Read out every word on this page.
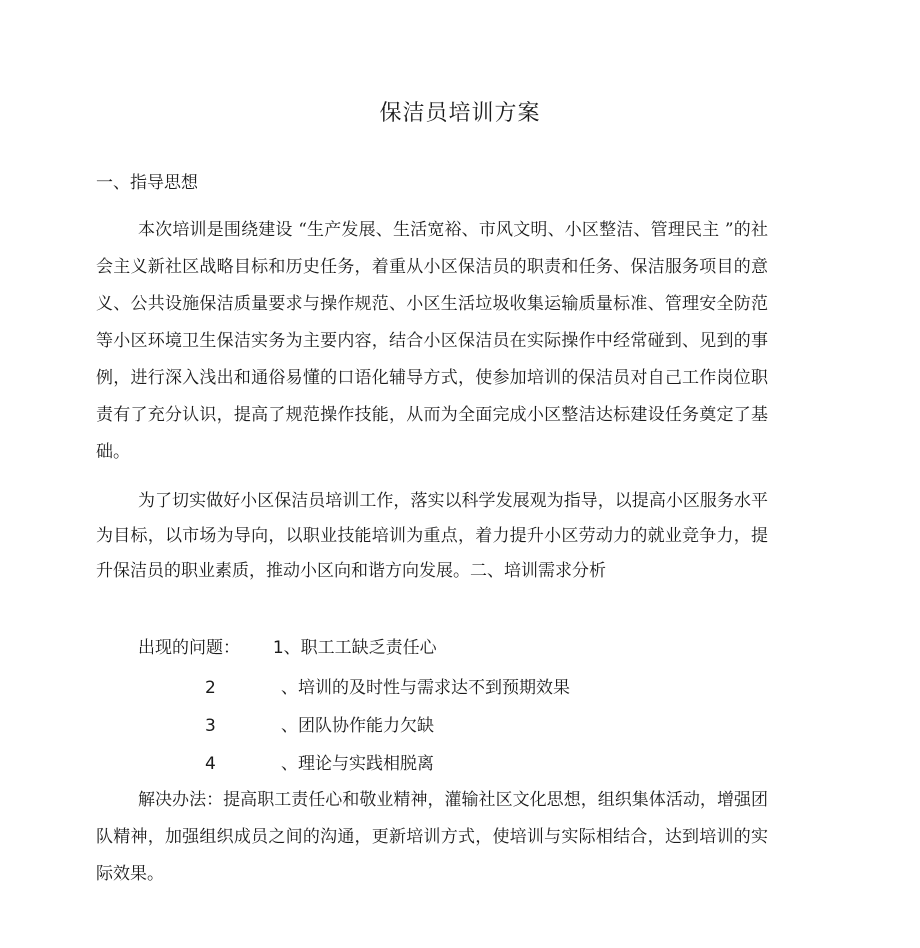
保洁员培训方案
一、指导思想

本次培训是围绕建设 “生产发展、生活宽裕、市风文明、小区整洁、管理民主 ”的社会主义新社区战略目标和历史任务，着重从小区保洁员的职责和任务、保洁服务项目的意义、公共设施保洁质量要求与操作规范、小区生活垃圾收集运输质量标准、管理安全防范等小区环境卫生保洁实务为主要内容，结合小区保洁员在实际操作中经常碰到、见到的事例，进行深入浅出和通俗易懂的口语化辅导方式，使参加培训的保洁员对自己工作岗位职责有了充分认识，提高了规范操作技能，从而为全面完成小区整洁达标建设任务奠定了基础。

为了切实做好小区保洁员培训工作，落实以科学发展观为指导，以提高小区服务水平为目标，以市场为导向，以职业技能培训为重点，着力提升小区劳动力的就业竞争力，提升保洁员的职业素质，推动小区向和谐方向发展。二、培训需求分析

出现的问题： 1、职工工缺乏责任心
2	、培训的及时性与需求达不到预期效果
3	、团队协作能力欠缺
4	、理论与实践相脱离

解决办法：提高职工责任心和敬业精神，灌输社区文化思想，组织集体活动，增强团队精神，加强组织成员之间的沟通，更新培训方式，使培训与实际相结合，达到培训的实际效果。
